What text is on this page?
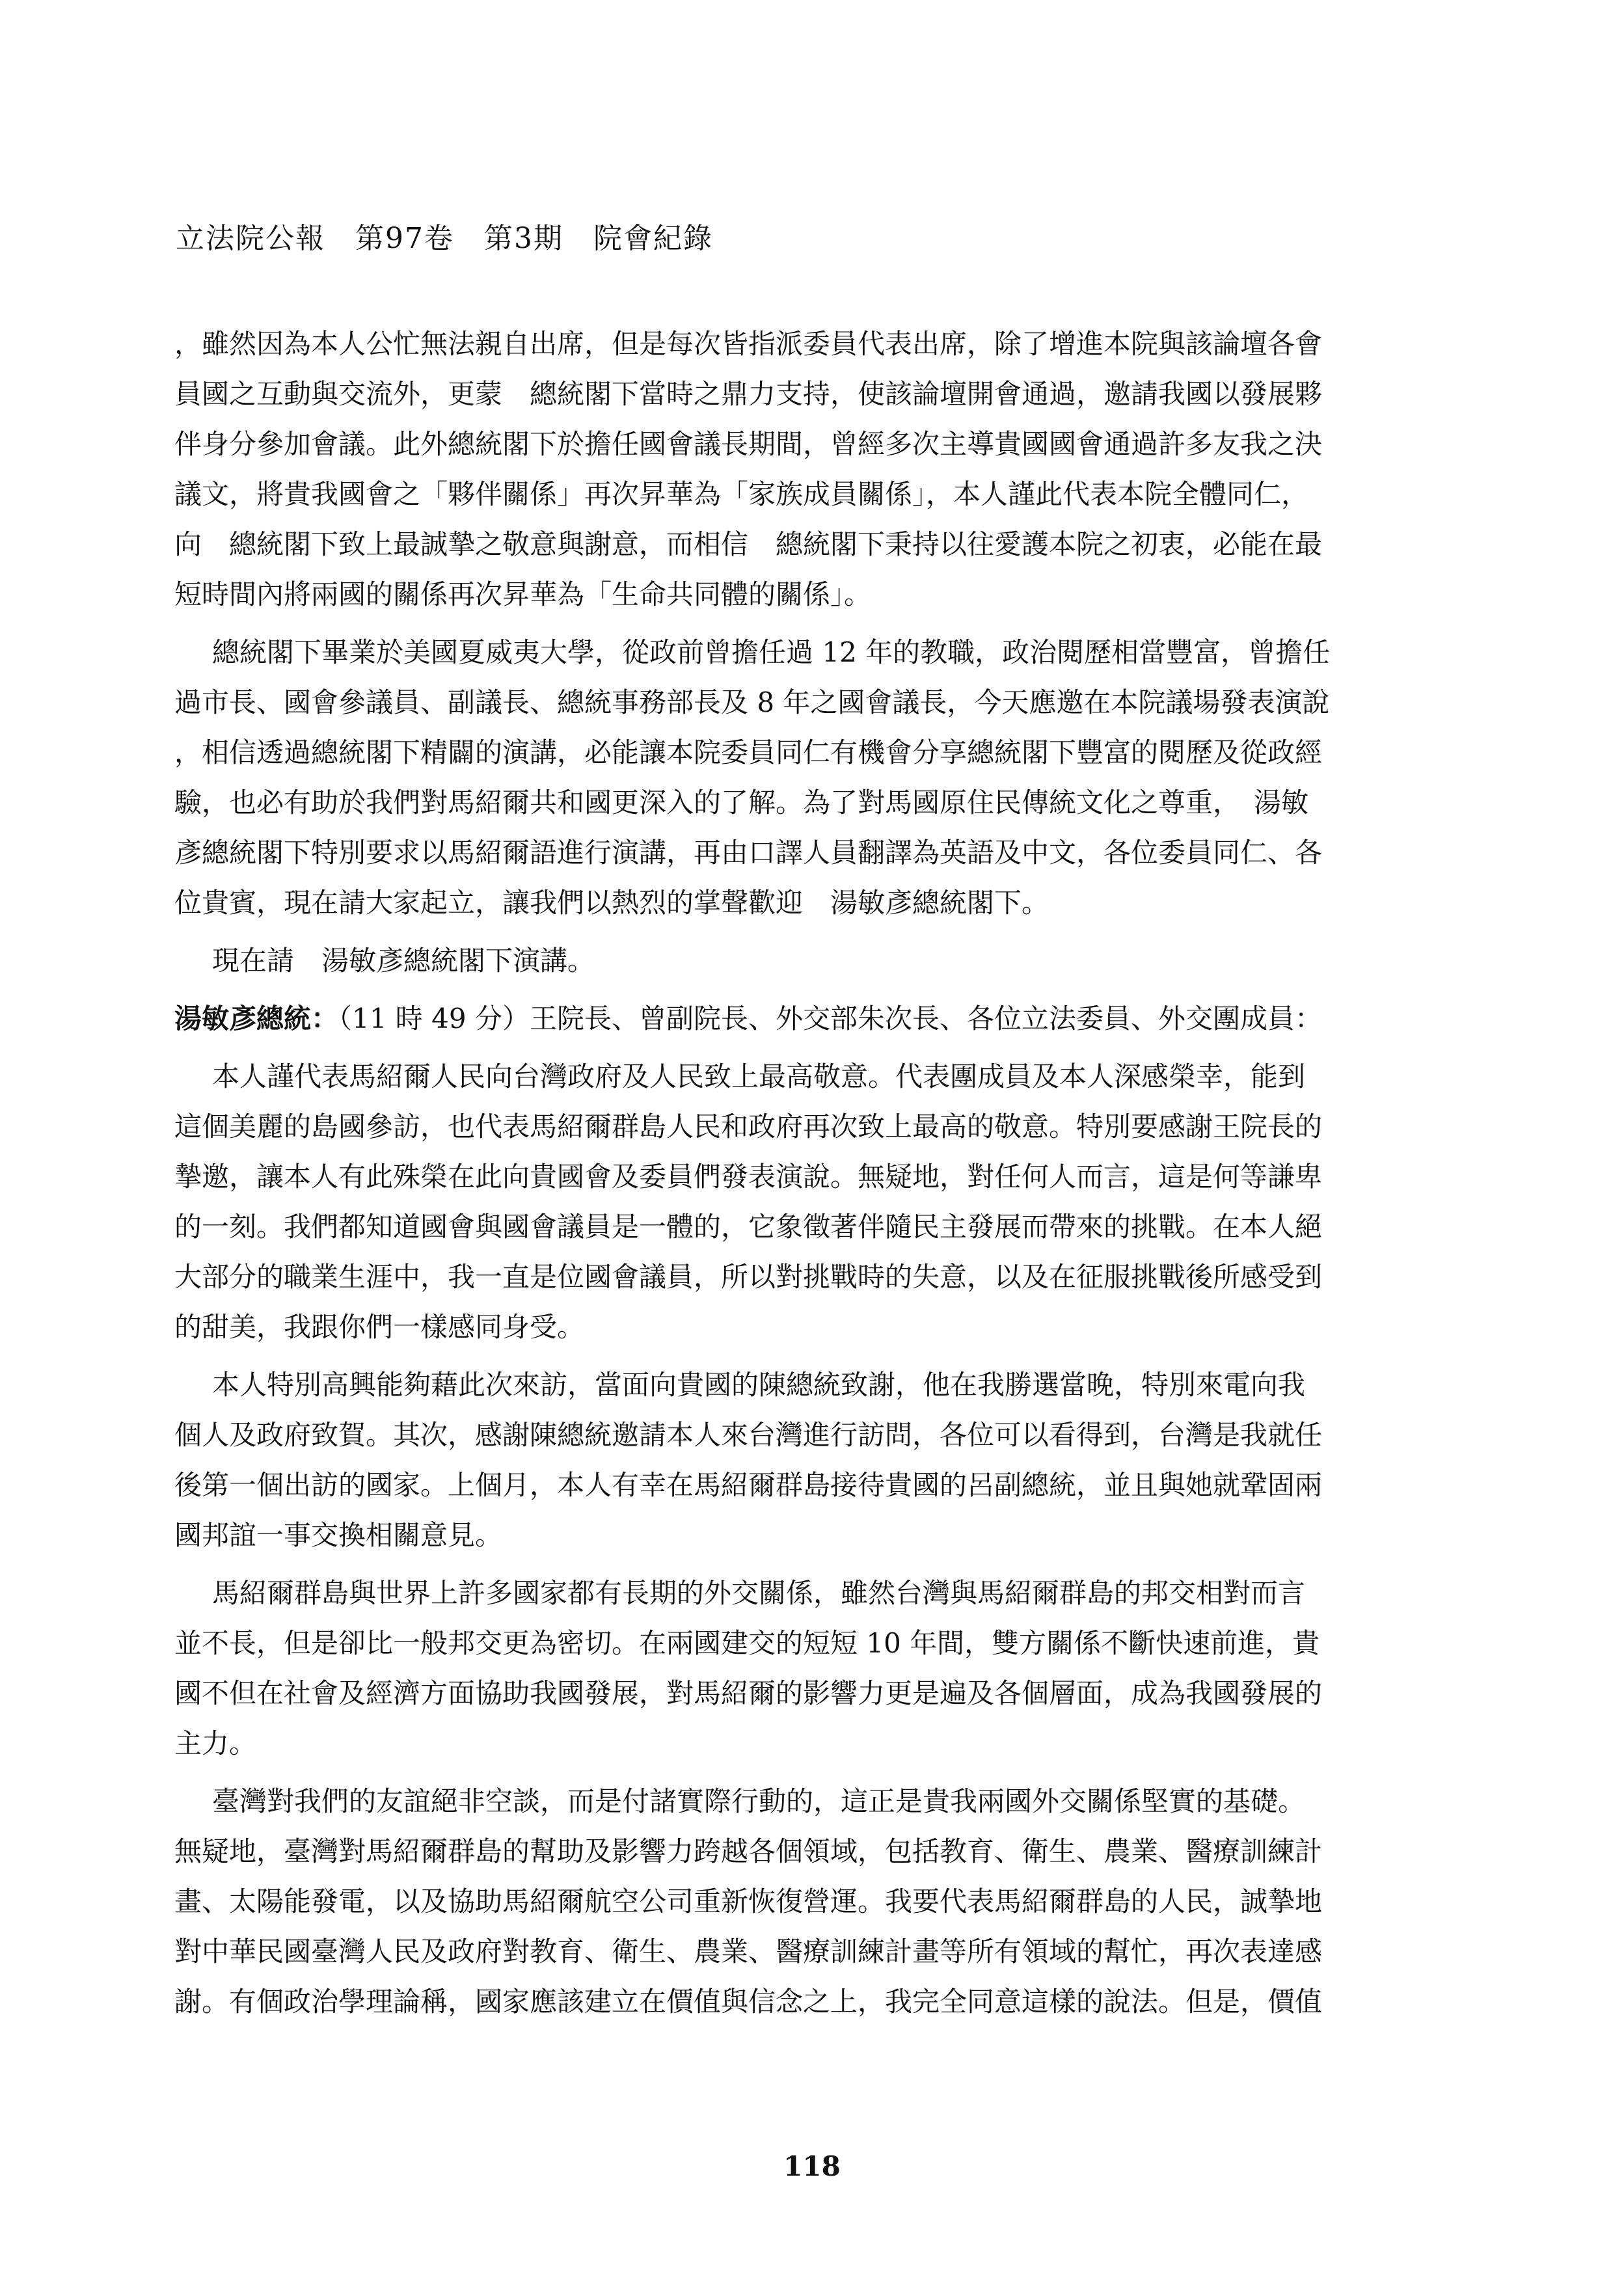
立法院公報　第97卷　第3期　院會紀錄
，雖然因為本人公忙無法親自出席，但是每次皆指派委員代表出席，除了增進本院與該論壇各會
員國之互動與交流外，更蒙　總統閣下當時之鼎力支持，使該論壇開會通過，邀請我國以發展夥
伴身分參加會議。此外總統閣下於擔任國會議長期間，曾經多次主導貴國國會通過許多友我之決
議文，將貴我國會之「夥伴關係」再次昇華為「家族成員關係」，本人謹此代表本院全體同仁，
向　總統閣下致上最誠摯之敬意與謝意，而相信　總統閣下秉持以往愛護本院之初衷，必能在最
短時間內將兩國的關係再次昇華為「生命共同體的關係」。
總統閣下畢業於美國夏威夷大學，從政前曾擔任過 12 年的教職，政治閱歷相當豐富，曾擔任
過市長、國會參議員、副議長、總統事務部長及 8 年之國會議長，今天應邀在本院議場發表演說
，相信透過總統閣下精闢的演講，必能讓本院委員同仁有機會分享總統閣下豐富的閱歷及從政經
驗，也必有助於我們對馬紹爾共和國更深入的了解。為了對馬國原住民傳統文化之尊重，　湯敏
彥總統閣下特別要求以馬紹爾語進行演講，再由口譯人員翻譯為英語及中文，各位委員同仁、各
位貴賓，現在請大家起立，讓我們以熱烈的掌聲歡迎　湯敏彥總統閣下。
現在請　湯敏彥總統閣下演講。
湯敏彥總統：（11 時 49 分）王院長、曾副院長、外交部朱次長、各位立法委員、外交團成員：
本人謹代表馬紹爾人民向台灣政府及人民致上最高敬意。代表團成員及本人深感榮幸，能到
這個美麗的島國參訪，也代表馬紹爾群島人民和政府再次致上最高的敬意。特別要感謝王院長的
摯邀，讓本人有此殊榮在此向貴國會及委員們發表演說。無疑地，對任何人而言，這是何等謙卑
的一刻。我們都知道國會與國會議員是一體的，它象徵著伴隨民主發展而帶來的挑戰。在本人絕
大部分的職業生涯中，我一直是位國會議員，所以對挑戰時的失意，以及在征服挑戰後所感受到
的甜美，我跟你們一樣感同身受。
本人特別高興能夠藉此次來訪，當面向貴國的陳總統致謝，他在我勝選當晚，特別來電向我
個人及政府致賀。其次，感謝陳總統邀請本人來台灣進行訪問，各位可以看得到，台灣是我就任
後第一個出訪的國家。上個月，本人有幸在馬紹爾群島接待貴國的呂副總統，並且與她就鞏固兩
國邦誼一事交換相關意見。
馬紹爾群島與世界上許多國家都有長期的外交關係，雖然台灣與馬紹爾群島的邦交相對而言
並不長，但是卻比一般邦交更為密切。在兩國建交的短短 10 年間，雙方關係不斷快速前進，貴
國不但在社會及經濟方面協助我國發展，對馬紹爾的影響力更是遍及各個層面，成為我國發展的
主力。
臺灣對我們的友誼絕非空談，而是付諸實際行動的，這正是貴我兩國外交關係堅實的基礎。
無疑地，臺灣對馬紹爾群島的幫助及影響力跨越各個領域，包括教育、衛生、農業、醫療訓練計
畫、太陽能發電，以及協助馬紹爾航空公司重新恢復營運。我要代表馬紹爾群島的人民，誠摯地
對中華民國臺灣人民及政府對教育、衛生、農業、醫療訓練計畫等所有領域的幫忙，再次表達感
謝。有個政治學理論稱，國家應該建立在價值與信念之上，我完全同意這樣的說法。但是，價值
118
